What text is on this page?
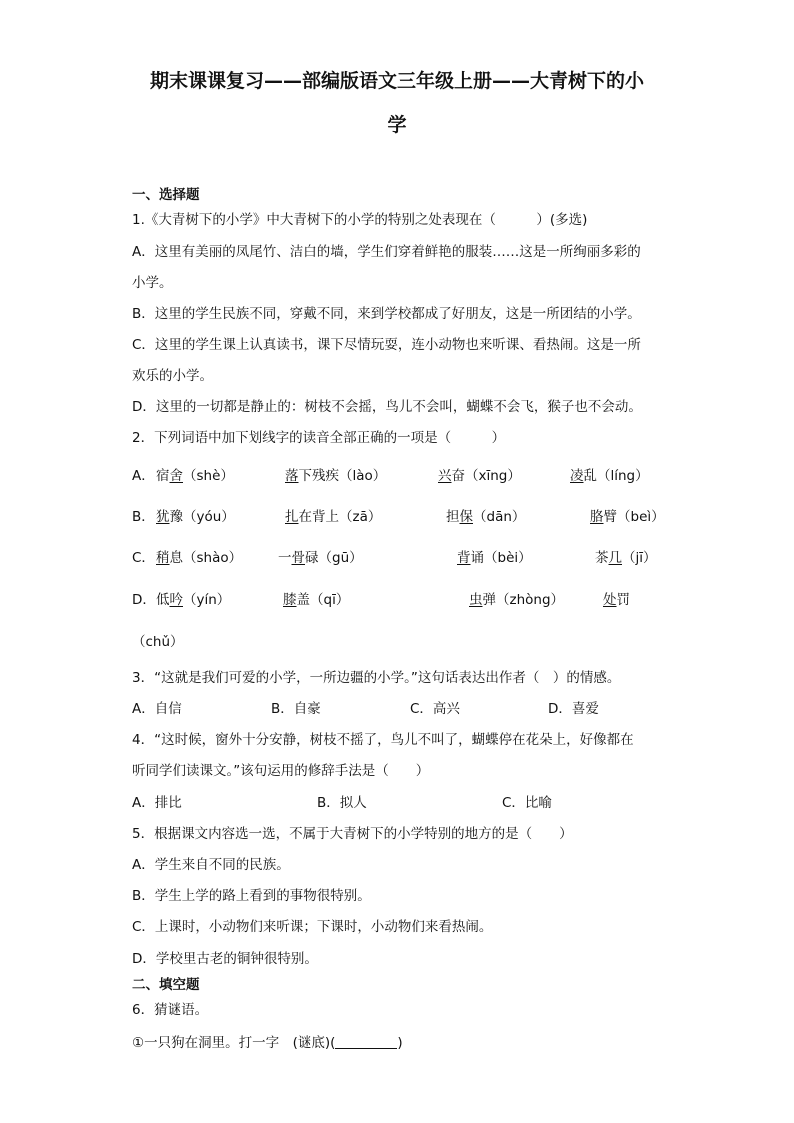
期末课课复习——部编版语文三年级上册——大青树下的小
学
一、选择题
1.《大青树下的小学》中大青树下的小学的特别之处表现在（　　　）(多选)
A．这里有美丽的凤尾竹、洁白的墙，学生们穿着鲜艳的服装……这是一所绚丽多彩的
小学。
B．这里的学生民族不同，穿戴不同，来到学校都成了好朋友，这是一所团结的小学。
C．这里的学生课上认真读书，课下尽情玩耍，连小动物也来听课、看热闹。这是一所
欢乐的小学。
D．这里的一切都是静止的：树枝不会摇，鸟儿不会叫，蝴蝶不会飞，猴子也不会动。
2．下列词语中加下划线字的读音全部正确的一项是（　　　）
A． 宿舍（shè）	落下残疾（lào）	兴奋（xīng）	凌乱（líng）
B． 犹豫（yóu）	扎在背上（zā）	担保（dān）	胳臂（beì）
C． 稍息（shào）	一骨碌（gū）	背诵（bèi）	茶几（jī）
D． 低吟（yín）	膝盖（qī）	虫弹（zhòng）	处罚
（chǔ）
3．“这就是我们可爱的小学，一所边疆的小学。”这句话表达出作者（　）的情感。
A．自信	B．自豪	C．高兴	D．喜爱
4．“这时候，窗外十分安静，树枝不摇了，鸟儿不叫了，蝴蝶停在花朵上，好像都在
听同学们读课文。”该句运用的修辞手法是（　　）
A．排比	B．拟人	C．比喻
5．根据课文内容选一选，不属于大青树下的小学特别的地方的是（　　）
A．学生来自不同的民族。
B．学生上学的路上看到的事物很特别。
C．上课时，小动物们来听课；下课时，小动物们来看热闹。
D．学校里古老的铜钟很特别。
二、填空题
6．猜谜语。
①一只狗在洞里。打一字　(谜底)(	)
